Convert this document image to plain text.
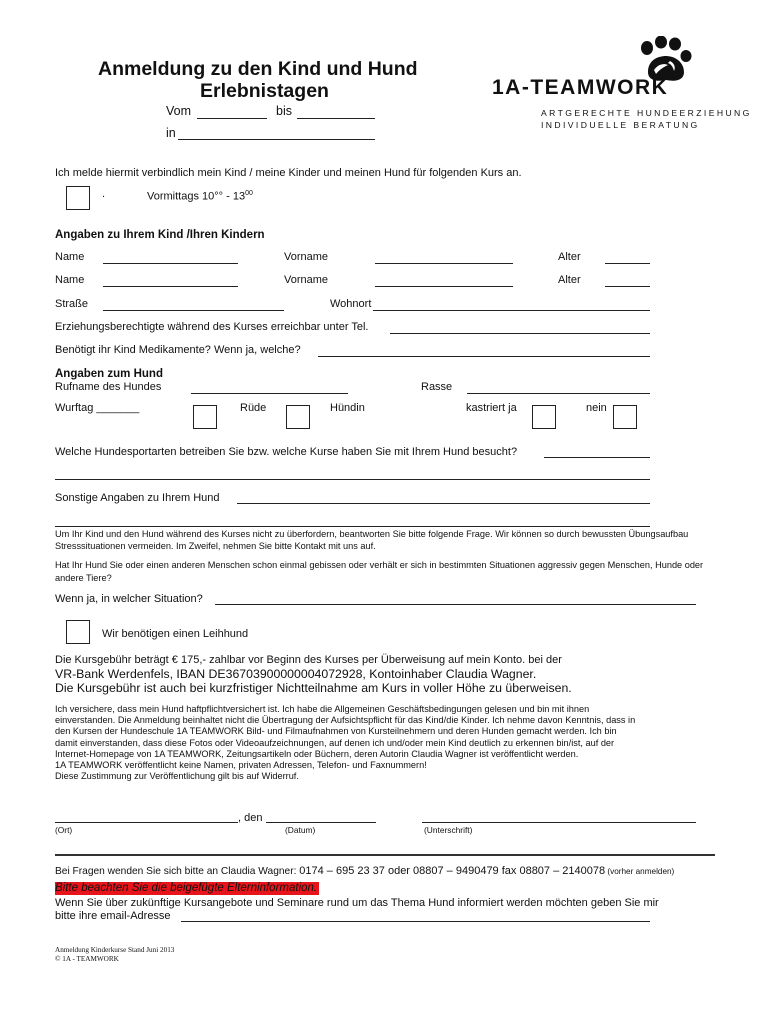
Anmeldung zu den Kind und Hund
Erlebnistagen
Vom	bis
in
1A-TEAMWORK
ARTGERECHTE HUNDEERZIEHUNG
INDIVIDUELLE BERATUNG
Ich melde hiermit verbindlich mein Kind / meine Kinder und meinen Hund für folgenden Kurs an.
.	Vormittags $10^\circ^\circ - 13^{00}$
Angaben zu Ihrem Kind /Ihren Kindern
Name	Vorname	Alter
Name	Vorname	Alter
Straße	Wohnort
Erziehungsberechtigte während des Kurses erreichbar unter Tel.
Benötigt ihr Kind Medikamente? Wenn ja, welche?
Angaben zum Hund
Rufname des Hundes	Rasse
Wurftag _______	Rüde	Hündin	kastriert ja	nein
Welche Hundesportarten betreiben Sie bzw. welche Kurse haben Sie mit Ihrem Hund besucht?
Sonstige Angaben zu Ihrem Hund
Um Ihr Kind und den Hund während des Kurses nicht zu überfordern, beantworten Sie bitte folgende Frage. Wir können so durch bewussten Übungsaufbau Stresssituationen vermeiden. Im Zweifel, nehmen Sie bitte Kontakt mit uns auf.
Hat Ihr Hund Sie oder einen anderen Menschen schon einmal gebissen oder verhält er sich in bestimmten Situationen aggressiv gegen Menschen, Hunde oder andere Tiere?
Wenn ja, in welcher Situation?
Wir benötigen einen Leihhund
Die Kursgebühr beträgt € 175,- zahlbar vor Beginn des Kurses per Überweisung auf mein Konto. bei der
VR-Bank Werdenfels, IBAN DE36703900000004072928, Kontoinhaber Claudia Wagner.
Die Kursgebühr ist auch bei kurzfristiger Nichtteilnahme am Kurs in voller Höhe zu überweisen.
Ich versichere, dass mein Hund haftpflichtversichert ist. Ich habe die Allgemeinen Geschäftsbedingungen gelesen und bin mit ihnen
einverstanden. Die Anmeldung beinhaltet nicht die Übertragung der Aufsichtspflicht für das Kind/die Kinder. Ich nehme davon Kenntnis, dass in
den Kursen der Hundeschule 1A TEAMWORK Bild- und Filmaufnahmen von Kursteilnehmern und deren Hunden gemacht werden. Ich bin
damit einverstanden, dass diese Fotos oder Videoaufzeichnungen, auf denen ich und/oder mein Kind deutlich zu erkennen bin/ist, auf der
Internet-Homepage von 1A TEAMWORK, Zeitungsartikeln oder Büchern, deren Autorin Claudia Wagner ist veröffentlicht werden.
1A TEAMWORK veröffentlicht keine Namen, privaten Adressen, Telefon- und Faxnummern!
Diese Zustimmung zur Veröffentlichung gilt bis auf Widerruf.
, den
(Ort)	(Datum)	(Unterschrift)
Bei Fragen wenden Sie sich bitte an Claudia Wagner: 0174 – 695 23 37 oder 08807 – 9490479 fax 08807 – 2140078 (vorher anmelden)
Bitte beachten Sie die beigefügte Elterninformation.
Wenn Sie über zukünftige Kursangebote und Seminare rund um das Thema Hund informiert werden möchten geben Sie mir
bitte ihre email-Adresse
Anmeldung Kinderkurse Stand Juni 2013
© 1A - TEAMWORK
